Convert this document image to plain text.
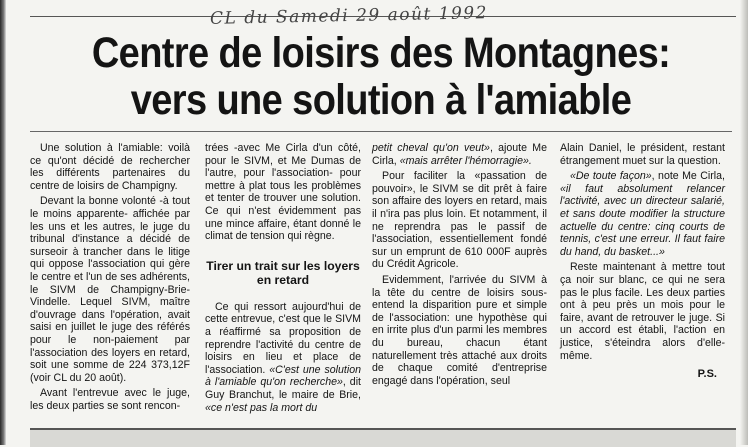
CL du Samedi 29 août 1992
Centre de loisirs des Montagnes:
vers une solution à l'amiable

Une solution à l'amiable: voilà ce qu'ont décidé de rechercher les différents partenaires du centre de loisirs de Champigny.

Devant la bonne volonté -à tout le moins apparente- affichée par les uns et les autres, le juge du tribunal d'instance a décidé de surseoir à trancher dans le litige qui oppose l'association qui gère le centre et l'un de ses adhérents, le SIVM de Champigny-Brie-Vindelle. Lequel SIVM, maître d'ouvrage dans l'opération, avait saisi en juillet le juge des référés pour le non-paiement par l'association des loyers en retard, soit une somme de 224 373,12F (voir CL du 20 août).

Avant l'entrevue avec le juge, les deux parties se sont rencon-

trées -avec Me Cirla d'un côté, pour le SIVM, et Me Dumas de l'autre, pour l'association- pour mettre à plat tous les problèmes et tenter de trouver une solution. Ce qui n'est évidemment pas une mince affaire, étant donné le climat de tension qui règne.

Tirer un trait sur les loyers en retard

Ce qui ressort aujourd'hui de cette entrevue, c'est que le SIVM a réaffirmé sa proposition de reprendre l'activité du centre de loisirs en lieu et place de l'association. «C'est une solution à l'amiable qu'on recherche», dit Guy Branchut, le maire de Brie, «ce n'est pas la mort du

petit cheval qu'on veut», ajoute Me Cirla, «mais arrêter l'hémorragie».

Pour faciliter la «passation de pouvoir», le SIVM se dit prêt à faire son affaire des loyers en retard, mais il n'ira pas plus loin. Et notamment, il ne reprendra pas le passif de l'association, essentiellement fondé sur un emprunt de 610 000F auprès du Crédit Agricole.

Evidemment, l'arrivée du SIVM à la tête du centre de loisirs sous-entend la disparition pure et simple de l'association: une hypothèse qui en irrite plus d'un parmi les membres du bureau, chacun étant naturellement très attaché aux droits de chaque comité d'entreprise engagé dans l'opération, seul

Alain Daniel, le président, restant étrangement muet sur la question.

«De toute façon», note Me Cirla, «il faut absolument relancer l'activité, avec un directeur salarié, et sans doute modifier la structure actuelle du centre: cinq courts de tennis, c'est une erreur. Il faut faire du hand, du basket...»

Reste maintenant à mettre tout ça noir sur blanc, ce qui ne sera pas le plus facile. Les deux parties ont à peu près un mois pour le faire, avant de retrouver le juge. Si un accord est établi, l'action en justice, s'éteindra alors d'elle-même.

P.S.
